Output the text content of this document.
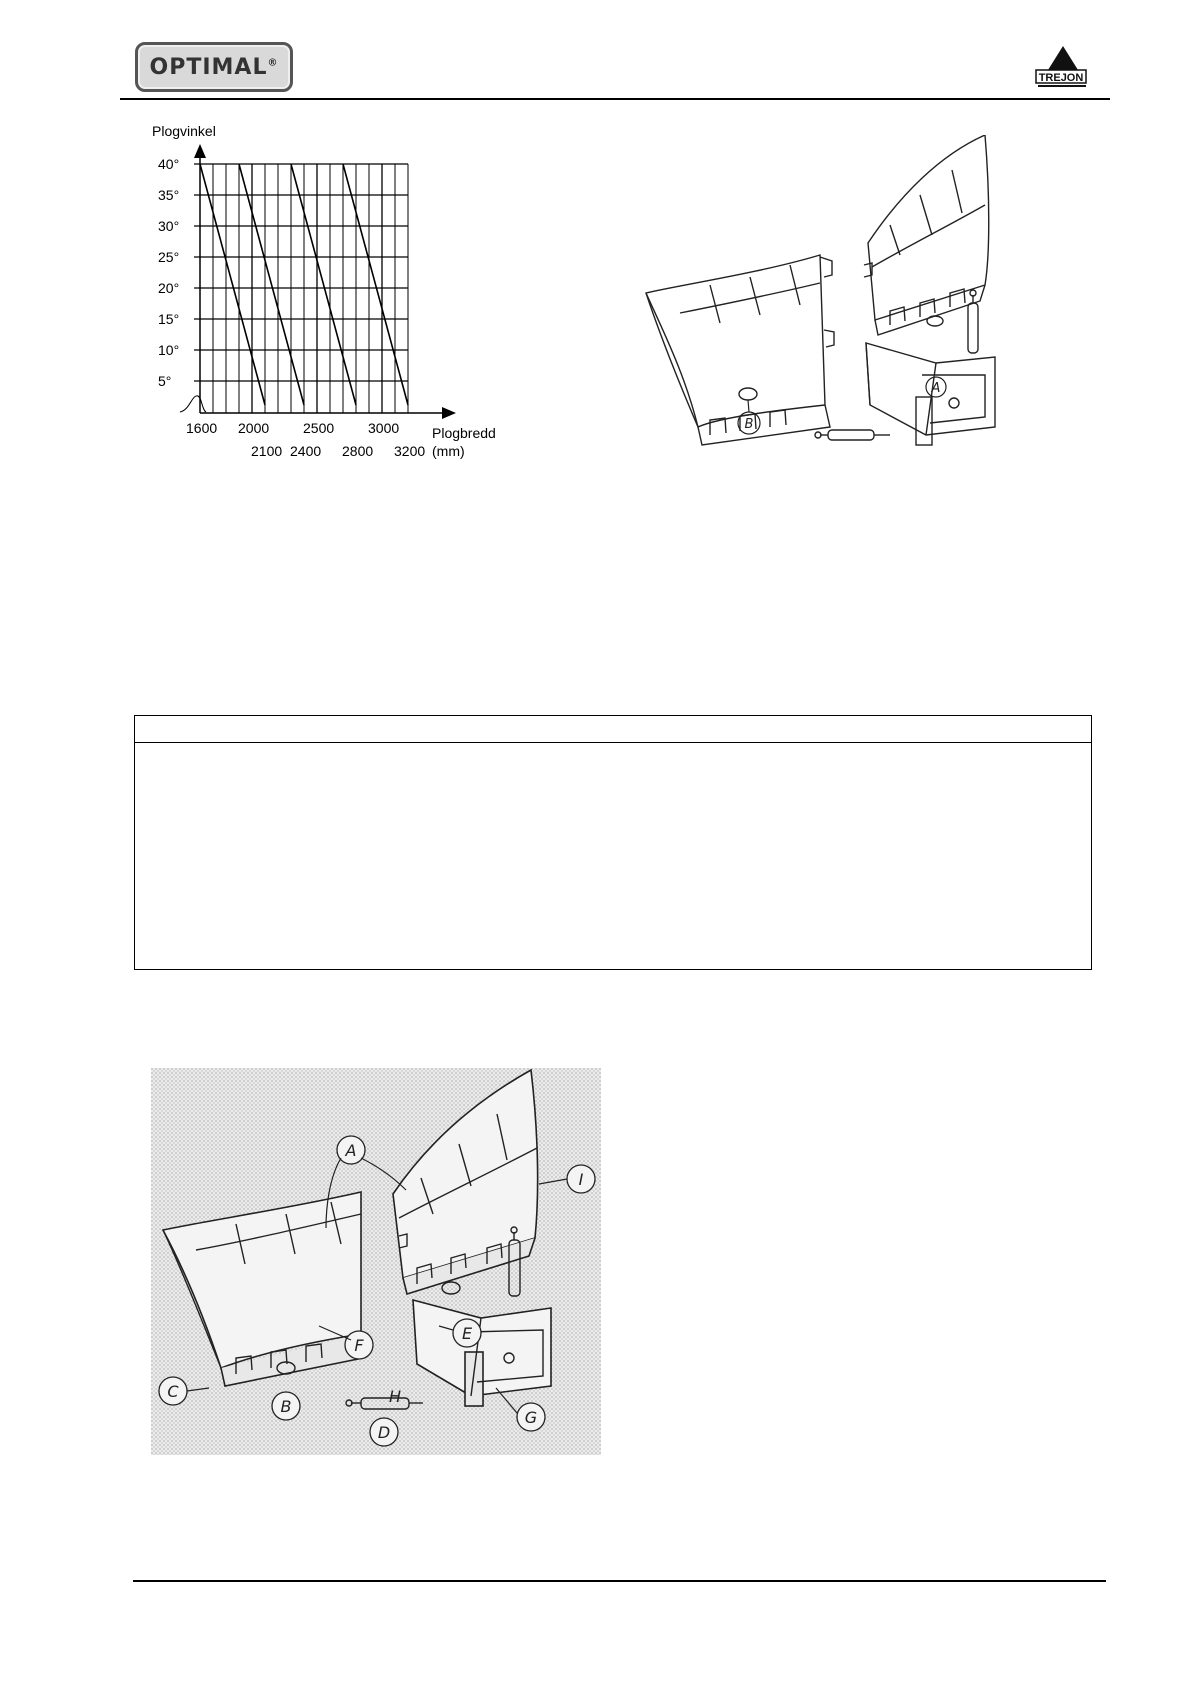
OPTIMAL®
TREJON
Plogvinkel
Plogbredd
(mm)
40°
35°
30°
25°
20°
15°
10°
5°
1600 2000 2500 3000
2100 2400 2800 3200
B
A
A
B
C
D
E
F
G
H
I
